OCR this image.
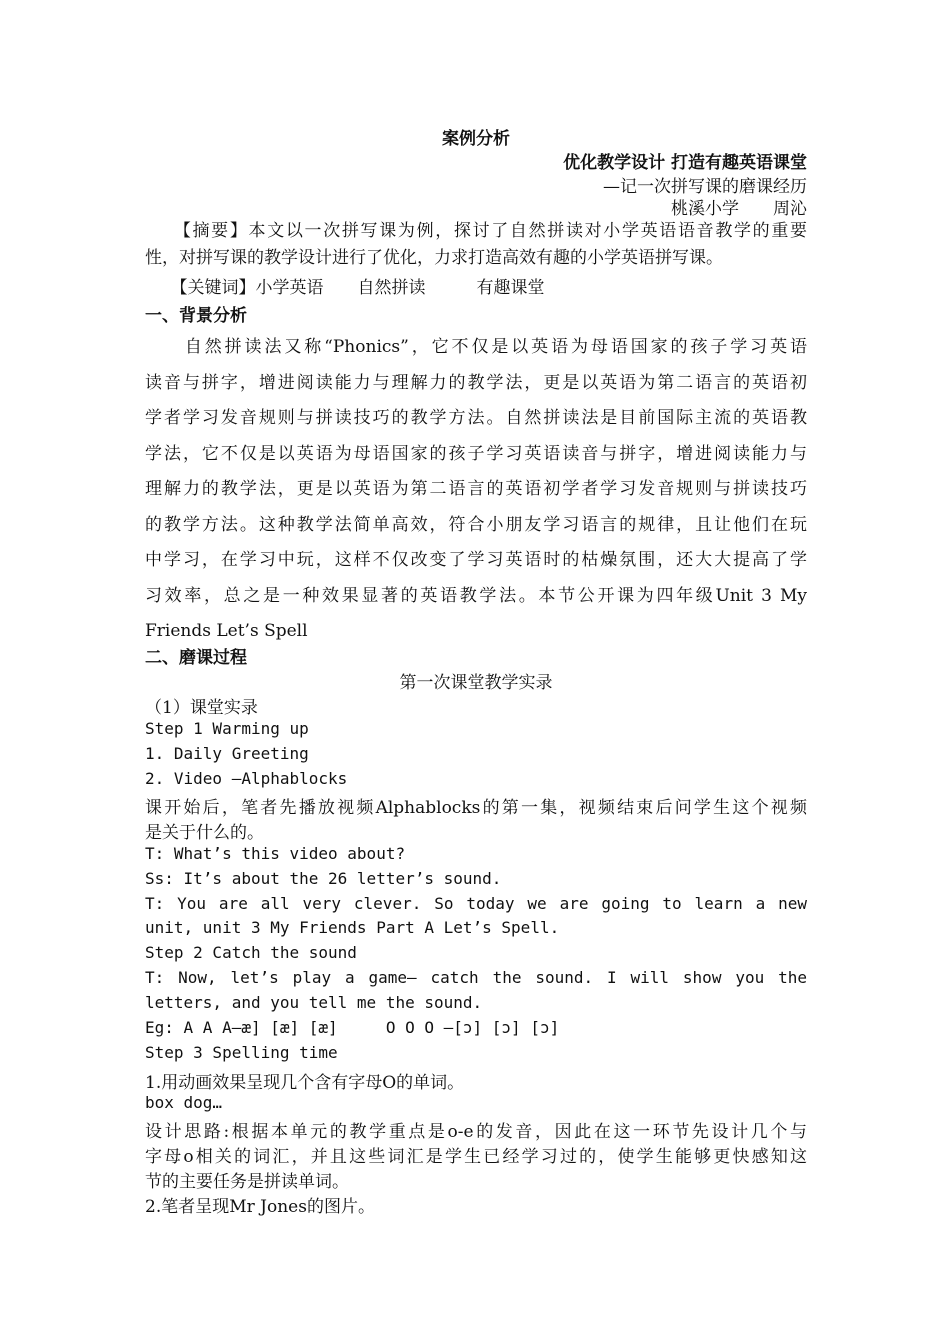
案例分析
优化教学设计 打造有趣英语课堂
—记一次拼写课的磨课经历
桃溪小学　　周沁
　　【摘要】本文以一次拼写课为例，探讨了自然拼读对小学英语语音教学的重要
性，对拼写课的教学设计进行了优化，力求打造高效有趣的小学英语拼写课。
　　【关键词】小学英语　　自然拼读　　　有趣课堂
一、背景分析
　　自然拼读法又称“Phonics”，它不仅是以英语为母语国家的孩子学习英语
读音与拼字，增进阅读能力与理解力的教学法，更是以英语为第二语言的英语初
学者学习发音规则与拼读技巧的教学方法。自然拼读法是目前国际主流的英语教
学法，它不仅是以英语为母语国家的孩子学习英语读音与拼字，增进阅读能力与
理解力的教学法，更是以英语为第二语言的英语初学者学习发音规则与拼读技巧
的教学方法。这种教学法简单高效，符合小朋友学习语言的规律，且让他们在玩
中学习，在学习中玩，这样不仅改变了学习英语时的枯燥氛围，还大大提高了学
习效率，总之是一种效果显著的英语教学法。本节公开课为四年级Unit 3 My
Friends Let’s Spell
二、磨课过程
第一次课堂教学实录
（1）课堂实录
Step 1 Warming up
1. Daily Greeting
2. Video —Alphablocks
课开始后，笔者先播放视频Alphablocks的第一集，视频结束后问学生这个视频
是关于什么的。
T: What’s this video about?
Ss: It’s about the 26 letter’s sound.
T: You are all very clever. So today we are going to learn a new
unit, unit 3 My Friends Part A Let’s Spell.
Step 2 Catch the sound
T: Now, let’s play a game— catch the sound. I will show you the
letters, and you tell me the sound.
Eg: A A A—æ] [æ] [æ]     O O O —[ɔ] [ɔ] [ɔ]
Step 3 Spelling time
1.用动画效果呈现几个含有字母O的单词。
box dog…
设计思路:根据本单元的教学重点是o-e的发音，因此在这一环节先设计几个与
字母o相关的词汇，并且这些词汇是学生已经学习过的，使学生能够更快感知这
节的主要任务是拼读单词。
2.笔者呈现Mr Jones的图片。
